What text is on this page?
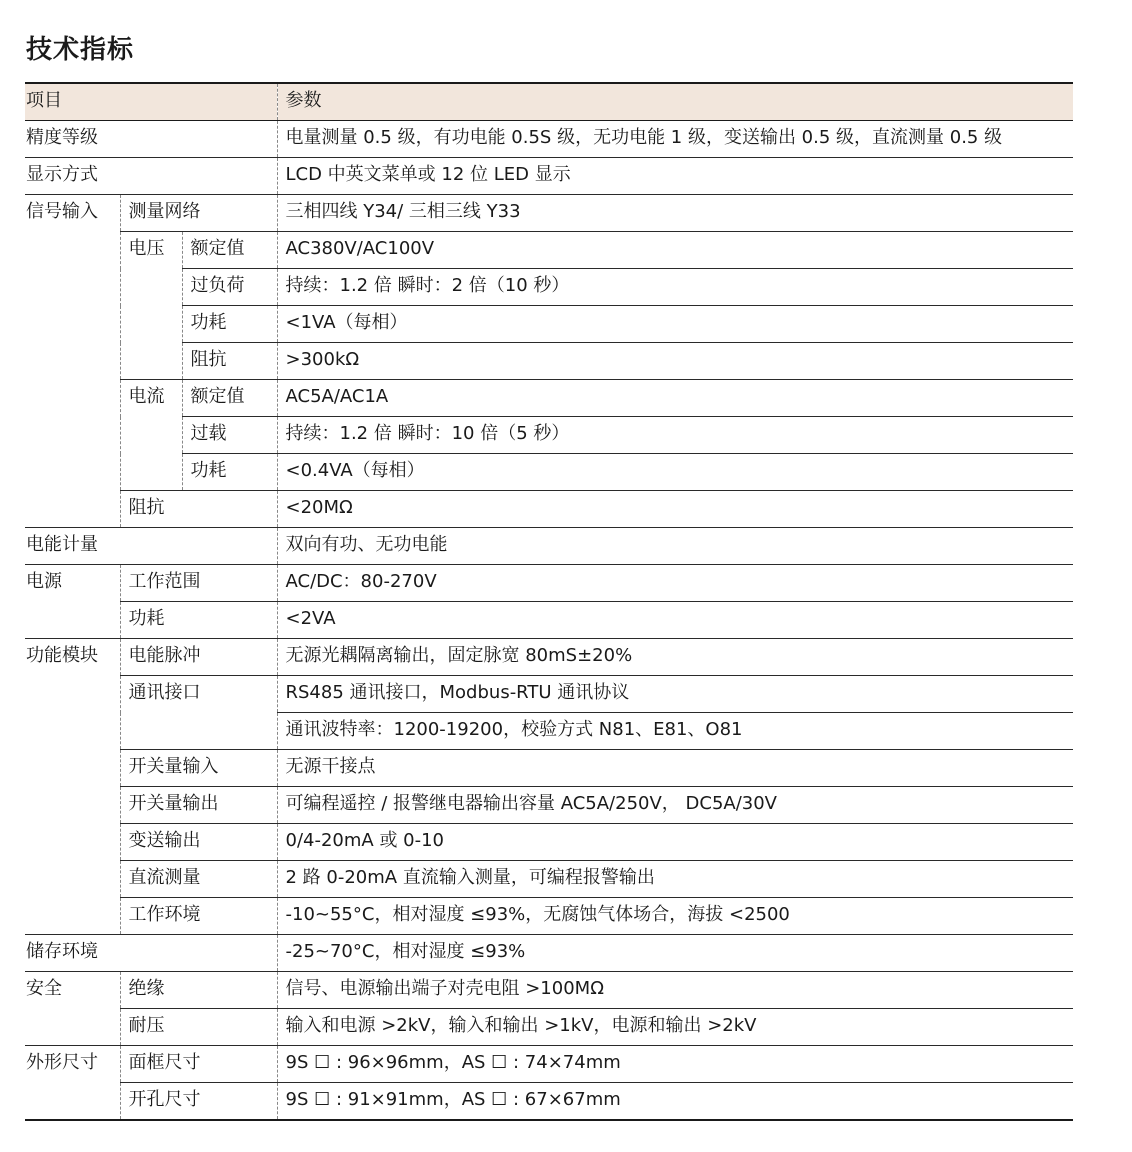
技术指标
项目			参数
精度等级			电量测量 0.5 级，有功电能 0.5S 级，无功电能 1 级，变送输出 0.5 级，直流测量 0.5 级
显示方式			LCD 中英文菜单或 12 位 LED 显示
信号输入	测量网络		三相四线 Y34/ 三相三线 Y33
	电压	额定值	AC380V/AC100V
		过负荷	持续：1.2 倍 瞬时：2 倍（10 秒）
		功耗	<1VA（每相）
		阻抗	>300kΩ
	电流	额定值	AC5A/AC1A
		过载	持续：1.2 倍 瞬时：10 倍（5 秒）
		功耗	<0.4VA（每相）
	阻抗		<20MΩ
电能计量			双向有功、无功电能
电源	工作范围		AC/DC：80-270V
	功耗		<2VA
功能模块	电能脉冲		无源光耦隔离输出，固定脉宽 80mS±20%
	通讯接口		RS485 通讯接口，Modbus-RTU 通讯协议
			通讯波特率：1200-19200，校验方式 N81、E81、O81
	开关量输入		无源干接点
	开关量输出		可编程遥控 / 报警继电器输出容量 AC5A/250V， DC5A/30V
	变送输出		0/4-20mA 或 0-10
	直流测量		2 路 0-20mA 直流输入测量，可编程报警输出
	工作环境		-10~55°C，相对湿度 ≤93%，无腐蚀气体场合，海拔 <2500
储存环境			-25~70°C，相对湿度 ≤93%
安全	绝缘		信号、电源输出端子对壳电阻 >100MΩ
	耐压		输入和电源 >2kV，输入和输出 >1kV，电源和输出 >2kV
外形尺寸	面框尺寸		9S ☐ : 96×96mm，AS ☐ : 74×74mm
	开孔尺寸		9S ☐ : 91×91mm，AS ☐ : 67×67mm
